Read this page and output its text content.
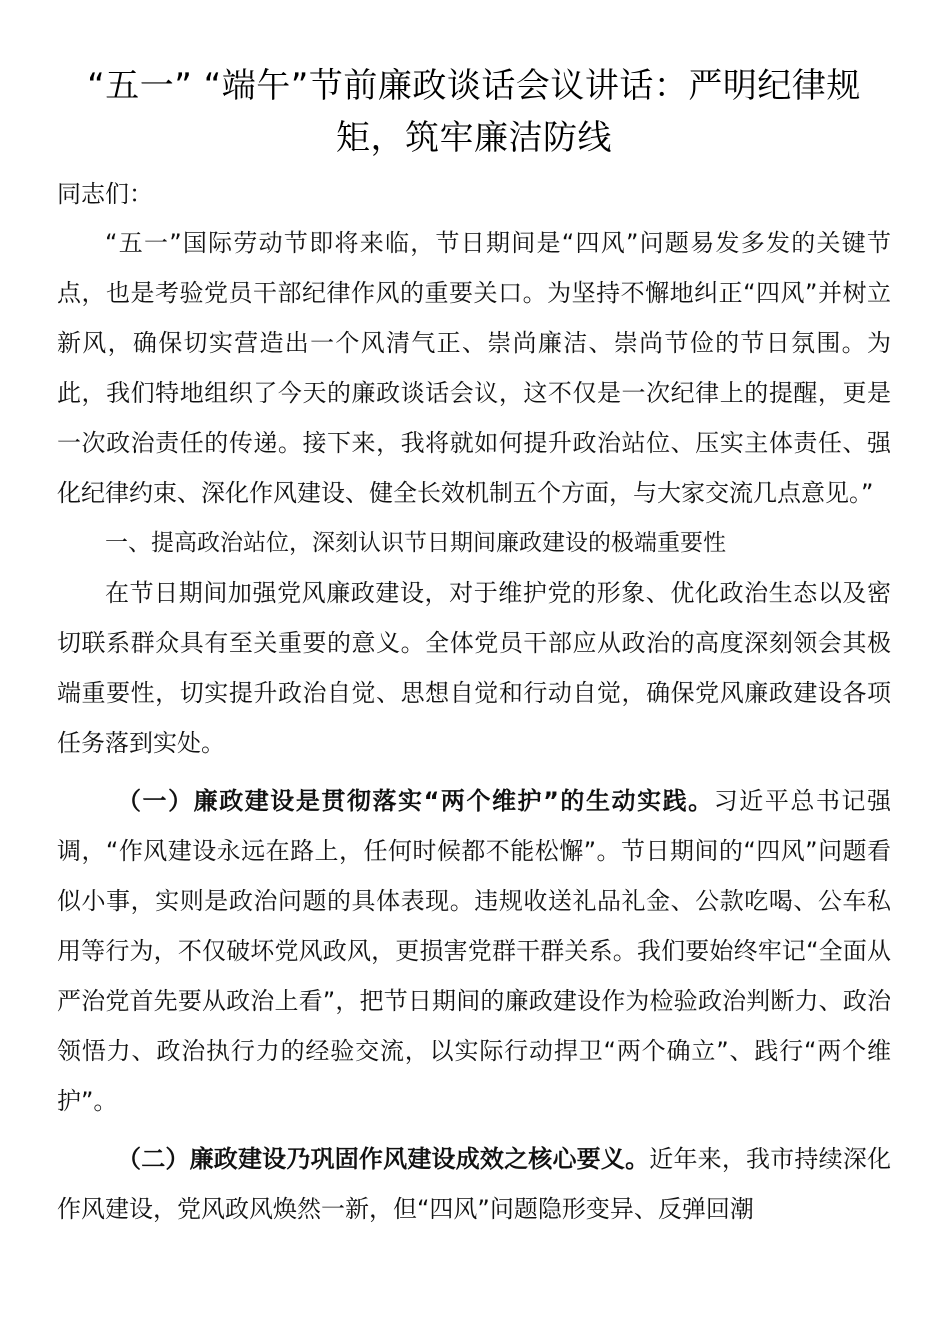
“五一” “端午”节前廉政谈话会议讲话：严明纪律规矩，筑牢廉洁防线

同志们：

“五一”国际劳动节即将来临，节日期间是“四风”问题易发多发的关键节点，也是考验党员干部纪律作风的重要关口。为坚持不懈地纠正“四风”并树立新风，确保切实营造出一个风清气正、崇尚廉洁、崇尚节俭的节日氛围。为此，我们特地组织了今天的廉政谈话会议，这不仅是一次纪律上的提醒，更是一次政治责任的传递。接下来，我将就如何提升政治站位、压实主体责任、强化纪律约束、深化作风建设、健全长效机制五个方面，与大家交流几点意见。”

一、提高政治站位，深刻认识节日期间廉政建设的极端重要性

在节日期间加强党风廉政建设，对于维护党的形象、优化政治生态以及密切联系群众具有至关重要的意义。全体党员干部应从政治的高度深刻领会其极端重要性，切实提升政治自觉、思想自觉和行动自觉，确保党风廉政建设各项任务落到实处。

（一）廉政建设是贯彻落实“两个维护”的生动实践。习近平总书记强调，“作风建设永远在路上，任何时候都不能松懈”。节日期间的“四风”问题看似小事，实则是政治问题的具体表现。违规收送礼品礼金、公款吃喝、公车私用等行为，不仅破坏党风政风，更损害党群干群关系。我们要始终牢记“全面从严治党首先要从政治上看”，把节日期间的廉政建设作为检验政治判断力、政治领悟力、政治执行力的经验交流，以实际行动捍卫“两个确立”、践行“两个维护”。

（二）廉政建设乃巩固作风建设成效之核心要义。近年来，我市持续深化作风建设，党风政风焕然一新，但“四风”问题隐形变异、反弹回潮
